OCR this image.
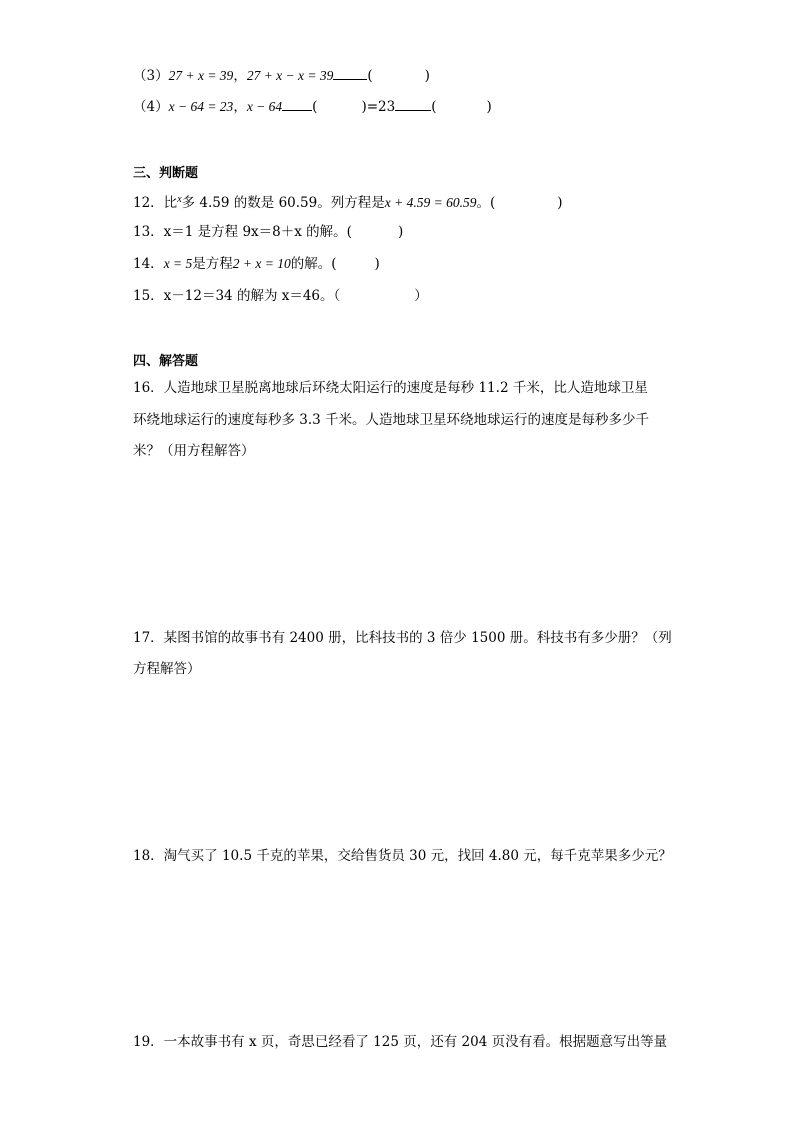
（3）27 + x = 39，27 + x − x = 39	(	)
（4）x − 64 = 23，x − 64 (	)=23	(	)
三、判断题
12．比$^x$多 4.59 的数是 60.59。列方程是x + 4.59 = 60.59。(	)
13．x＝1 是方程 9x＝8＋x 的解。(	)
14．x = 5是方程2 + x = 10的解。(	)
15．x－12＝34 的解为 x＝46。（	）
四、解答题
16．人造地球卫星脱离地球后环绕太阳运行的速度是每秒 11.2 千米，比人造地球卫星
环绕地球运行的速度每秒多 3.3 千米。人造地球卫星环绕地球运行的速度是每秒多少千
米？（用方程解答）
17．某图书馆的故事书有 2400 册，比科技书的 3 倍少 1500 册。科技书有多少册？（列
方程解答）
18．淘气买了 10.5 千克的苹果，交给售货员 30 元，找回 4.80 元，每千克苹果多少元？
19．一本故事书有 x 页，奇思已经看了 125 页，还有 204 页没有看。根据题意写出等量
